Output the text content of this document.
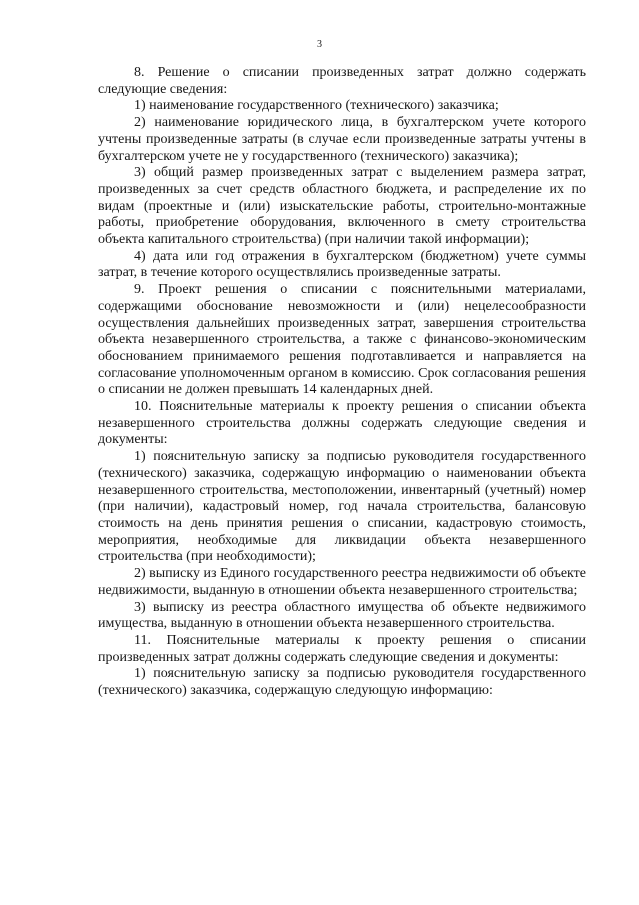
3

8. Решение о списании произведенных затрат должно содержать следующие сведения:

1) наименование государственного (технического) заказчика;

2) наименование юридического лица, в бухгалтерском учете которого учтены произведенные затраты (в случае если произведенные затраты учтены в бухгалтерском учете не у государственного (технического) заказчика);

3) общий размер произведенных затрат с выделением размера затрат, произведенных за счет средств областного бюджета, и распределение их по видам (проектные и (или) изыскательские работы, строительно-монтажные работы, приобретение оборудования, включенного в смету строительства объекта капитального строительства) (при наличии такой информации);

4) дата или год отражения в бухгалтерском (бюджетном) учете суммы затрат, в течение которого осуществлялись произведенные затраты.

9. Проект решения о списании с пояснительными материалами, содержащими обоснование невозможности и (или) нецелесообразности осуществления дальнейших произведенных затрат, завершения строительства объекта незавершенного строительства, а также с финансово-экономическим обоснованием принимаемого решения подготавливается и направляется на согласование уполномоченным органом в комиссию. Срок согласования решения о списании не должен превышать 14 календарных дней.

10. Пояснительные материалы к проекту решения о списании объекта незавершенного строительства должны содержать следующие сведения и документы:

1) пояснительную записку за подписью руководителя государственного (технического) заказчика, содержащую информацию о наименовании объекта незавершенного строительства, местоположении, инвентарный (учетный) номер (при наличии), кадастровый номер, год начала строительства, балансовую стоимость на день принятия решения о списании, кадастровую стоимость, мероприятия, необходимые для ликвидации объекта незавершенного строительства (при необходимости);

2) выписку из Единого государственного реестра недвижимости об объекте недвижимости, выданную в отношении объекта незавершенного строительства;

3) выписку из реестра областного имущества об объекте недвижимого имущества, выданную в отношении объекта незавершенного строительства.

11. Пояснительные материалы к проекту решения о списании произведенных затрат должны содержать следующие сведения и документы:

1) пояснительную записку за подписью руководителя государственного (технического) заказчика, содержащую следующую информацию:
